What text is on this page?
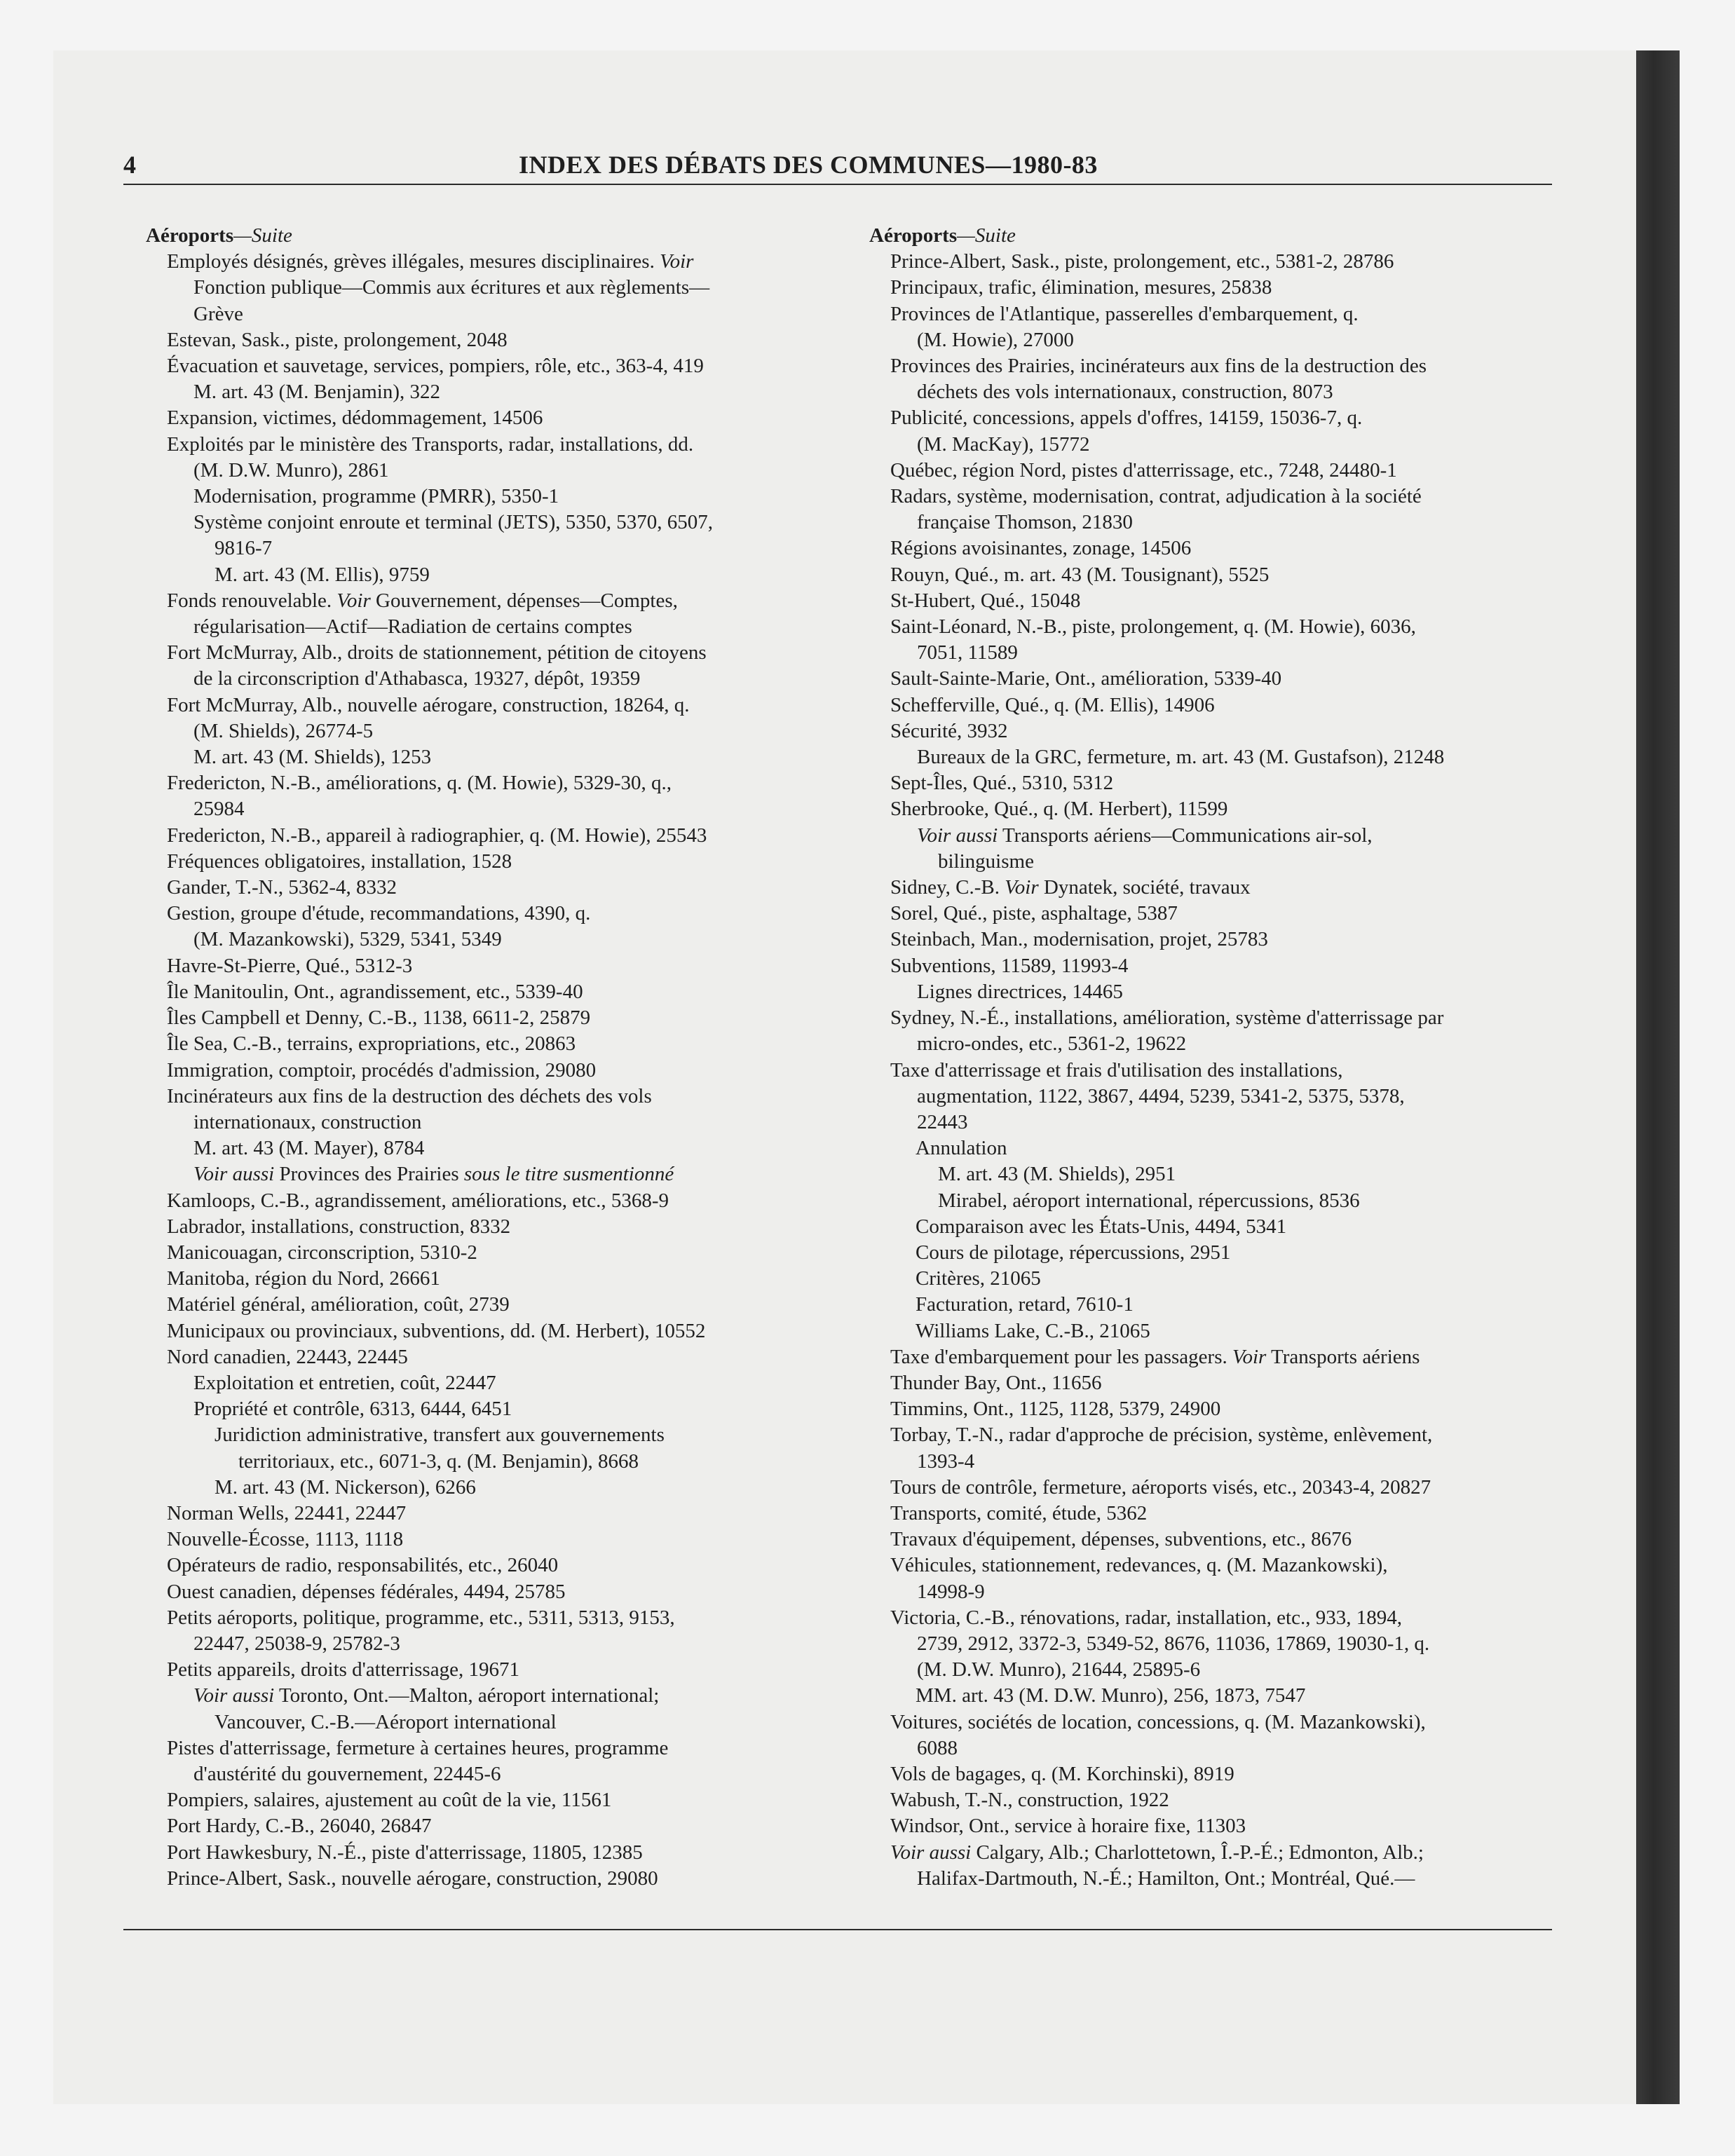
4	INDEX DES DÉBATS DES COMMUNES—1980-83

Aéroports—Suite

Employés désignés, grèves illégales, mesures disciplinaires. Voir

Fonction publique—Commis aux écritures et aux règlements—

Grève

Estevan, Sask., piste, prolongement, 2048

Évacuation et sauvetage, services, pompiers, rôle, etc., 363-4, 419

M. art. 43 (M. Benjamin), 322

Expansion, victimes, dédommagement, 14506

Exploités par le ministère des Transports, radar, installations, dd.

(M. D.W. Munro), 2861

Modernisation, programme (PMRR), 5350-1

Système conjoint enroute et terminal (JETS), 5350, 5370, 6507,

9816-7

M. art. 43 (M. Ellis), 9759

Fonds renouvelable. Voir Gouvernement, dépenses—Comptes,

régularisation—Actif—Radiation de certains comptes

Fort McMurray, Alb., droits de stationnement, pétition de citoyens

de la circonscription d'Athabasca, 19327, dépôt, 19359

Fort McMurray, Alb., nouvelle aérogare, construction, 18264, q.

(M. Shields), 26774-5

M. art. 43 (M. Shields), 1253

Fredericton, N.-B., améliorations, q. (M. Howie), 5329-30, q.,

25984

Fredericton, N.-B., appareil à radiographier, q. (M. Howie), 25543

Fréquences obligatoires, installation, 1528

Gander, T.-N., 5362-4, 8332

Gestion, groupe d'étude, recommandations, 4390, q.

(M. Mazankowski), 5329, 5341, 5349

Havre-St-Pierre, Qué., 5312-3

Île Manitoulin, Ont., agrandissement, etc., 5339-40

Îles Campbell et Denny, C.-B., 1138, 6611-2, 25879

Île Sea, C.-B., terrains, expropriations, etc., 20863

Immigration, comptoir, procédés d'admission, 29080

Incinérateurs aux fins de la destruction des déchets des vols

internationaux, construction

M. art. 43 (M. Mayer), 8784

Voir aussi Provinces des Prairies sous le titre susmentionné

Kamloops, C.-B., agrandissement, améliorations, etc., 5368-9

Labrador, installations, construction, 8332

Manicouagan, circonscription, 5310-2

Manitoba, région du Nord, 26661

Matériel général, amélioration, coût, 2739

Municipaux ou provinciaux, subventions, dd. (M. Herbert), 10552

Nord canadien, 22443, 22445

Exploitation et entretien, coût, 22447

Propriété et contrôle, 6313, 6444, 6451

Juridiction administrative, transfert aux gouvernements

territoriaux, etc., 6071-3, q. (M. Benjamin), 8668

M. art. 43 (M. Nickerson), 6266

Norman Wells, 22441, 22447

Nouvelle-Écosse, 1113, 1118

Opérateurs de radio, responsabilités, etc., 26040

Ouest canadien, dépenses fédérales, 4494, 25785

Petits aéroports, politique, programme, etc., 5311, 5313, 9153,

22447, 25038-9, 25782-3

Petits appareils, droits d'atterrissage, 19671

Voir aussi Toronto, Ont.—Malton, aéroport international;

Vancouver, C.-B.—Aéroport international

Pistes d'atterrissage, fermeture à certaines heures, programme

d'austérité du gouvernement, 22445-6

Pompiers, salaires, ajustement au coût de la vie, 11561

Port Hardy, C.-B., 26040, 26847

Port Hawkesbury, N.-É., piste d'atterrissage, 11805, 12385

Prince-Albert, Sask., nouvelle aérogare, construction, 29080

Aéroports—Suite

Prince-Albert, Sask., piste, prolongement, etc., 5381-2, 28786

Principaux, trafic, élimination, mesures, 25838

Provinces de l'Atlantique, passerelles d'embarquement, q.

(M. Howie), 27000

Provinces des Prairies, incinérateurs aux fins de la destruction des

déchets des vols internationaux, construction, 8073

Publicité, concessions, appels d'offres, 14159, 15036-7, q.

(M. MacKay), 15772

Québec, région Nord, pistes d'atterrissage, etc., 7248, 24480-1

Radars, système, modernisation, contrat, adjudication à la société

française Thomson, 21830

Régions avoisinantes, zonage, 14506

Rouyn, Qué., m. art. 43 (M. Tousignant), 5525

St-Hubert, Qué., 15048

Saint-Léonard, N.-B., piste, prolongement, q. (M. Howie), 6036,

7051, 11589

Sault-Sainte-Marie, Ont., amélioration, 5339-40

Schefferville, Qué., q. (M. Ellis), 14906

Sécurité, 3932

Bureaux de la GRC, fermeture, m. art. 43 (M. Gustafson), 21248

Sept-Îles, Qué., 5310, 5312

Sherbrooke, Qué., q. (M. Herbert), 11599

Voir aussi Transports aériens—Communications air-sol,

bilinguisme

Sidney, C.-B. Voir Dynatek, société, travaux

Sorel, Qué., piste, asphaltage, 5387

Steinbach, Man., modernisation, projet, 25783

Subventions, 11589, 11993-4

Lignes directrices, 14465

Sydney, N.-É., installations, amélioration, système d'atterrissage par

micro-ondes, etc., 5361-2, 19622

Taxe d'atterrissage et frais d'utilisation des installations,

augmentation, 1122, 3867, 4494, 5239, 5341-2, 5375, 5378,

22443

Annulation

M. art. 43 (M. Shields), 2951

Mirabel, aéroport international, répercussions, 8536

Comparaison avec les États-Unis, 4494, 5341

Cours de pilotage, répercussions, 2951

Critères, 21065

Facturation, retard, 7610-1

Williams Lake, C.-B., 21065

Taxe d'embarquement pour les passagers. Voir Transports aériens

Thunder Bay, Ont., 11656

Timmins, Ont., 1125, 1128, 5379, 24900

Torbay, T.-N., radar d'approche de précision, système, enlèvement,

1393-4

Tours de contrôle, fermeture, aéroports visés, etc., 20343-4, 20827

Transports, comité, étude, 5362

Travaux d'équipement, dépenses, subventions, etc., 8676

Véhicules, stationnement, redevances, q. (M. Mazankowski),

14998-9

Victoria, C.-B., rénovations, radar, installation, etc., 933, 1894,

2739, 2912, 3372-3, 5349-52, 8676, 11036, 17869, 19030-1, q.

(M. D.W. Munro), 21644, 25895-6

MM. art. 43 (M. D.W. Munro), 256, 1873, 7547

Voitures, sociétés de location, concessions, q. (M. Mazankowski),

6088

Vols de bagages, q. (M. Korchinski), 8919

Wabush, T.-N., construction, 1922

Windsor, Ont., service à horaire fixe, 11303

Voir aussi Calgary, Alb.; Charlottetown, Î.-P.-É.; Edmonton, Alb.;

Halifax-Dartmouth, N.-É.; Hamilton, Ont.; Montréal, Qué.—
